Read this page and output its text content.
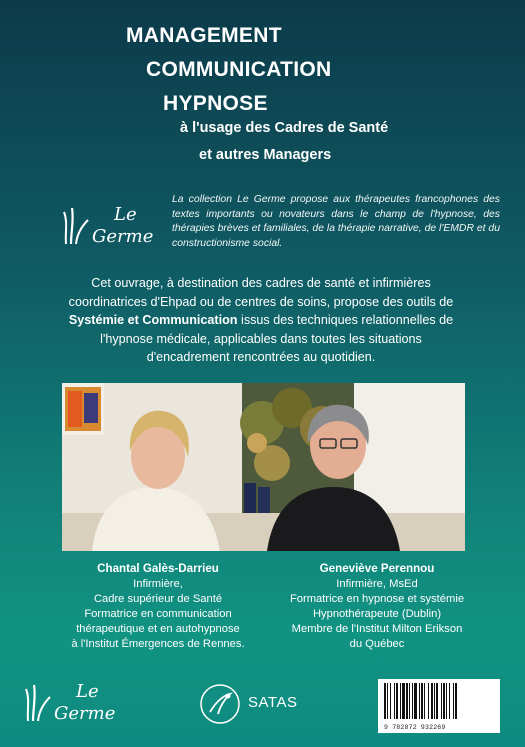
MANAGEMENT
COMMUNICATION
HYPNOSE
à l'usage des Cadres de Santé
et autres Managers
Le
Germe

La collection Le Germe propose aux thérapeutes francophones des textes importants ou novateurs dans le champ de l'hypnose, des thérapies brèves et familiales, de la thérapie narrative, de l'EMDR et du constructionisme social.

Cet ouvrage, à destination des cadres de santé et infirmières coordinatrices d'Ehpad ou de centres de soins, propose des outils de Systémie et Communication issus des techniques relationnelles de l'hypnose médicale, applicables dans toutes les situations d'encadrement rencontrées au quotidien.

Chantal Galès-Darrieu
Infirmière,
Cadre supérieur de Santé
Formatrice en communication
thérapeutique et en autohypnose
à l'Institut Émergences de Rennes.
Geneviève Perennou
Infirmière, MsEd
Formatrice en hypnose et systémie
Hypnothérapeute (Dublin)
Membre de l'Institut Milton Erikson
du Québec
Le
Germe
SATAS
9 782872 932269
